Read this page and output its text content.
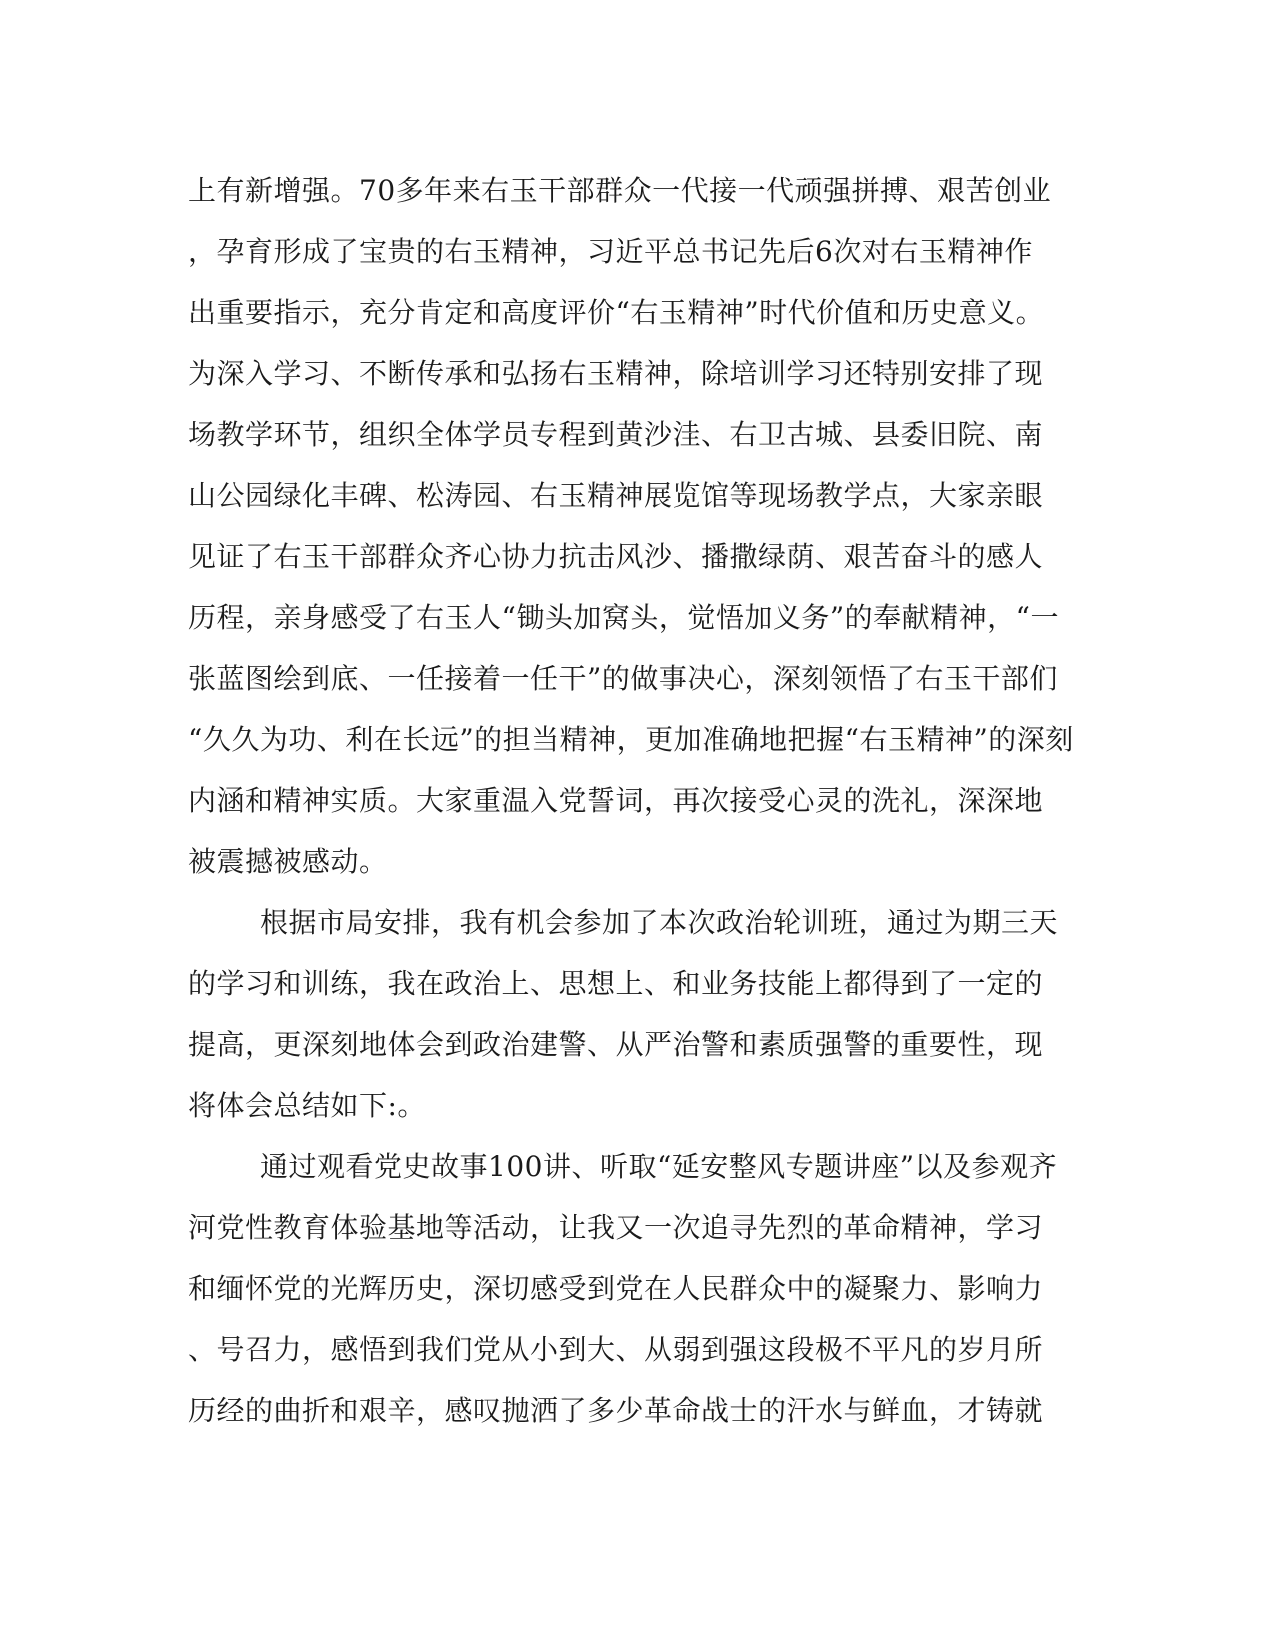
上有新增强。70多年来右玉干部群众一代接一代顽强拼搏、艰苦创业
，孕育形成了宝贵的右玉精神，习近平总书记先后6次对右玉精神作
出重要指示，充分肯定和高度评价“右玉精神”时代价值和历史意义。
为深入学习、不断传承和弘扬右玉精神，除培训学习还特别安排了现
场教学环节，组织全体学员专程到黄沙洼、右卫古城、县委旧院、南
山公园绿化丰碑、松涛园、右玉精神展览馆等现场教学点，大家亲眼
见证了右玉干部群众齐心协力抗击风沙、播撒绿荫、艰苦奋斗的感人
历程，亲身感受了右玉人“锄头加窝头，觉悟加义务”的奉献精神，“一
张蓝图绘到底、一任接着一任干”的做事决心，深刻领悟了右玉干部们
“久久为功、利在长远”的担当精神，更加准确地把握“右玉精神”的深刻
内涵和精神实质。大家重温入党誓词，再次接受心灵的洗礼，深深地
被震撼被感动。
根据市局安排，我有机会参加了本次政治轮训班，通过为期三天
的学习和训练，我在政治上、思想上、和业务技能上都得到了一定的
提高，更深刻地体会到政治建警、从严治警和素质强警的重要性，现
将体会总结如下:。
通过观看党史故事100讲、听取“延安整风专题讲座”以及参观齐
河党性教育体验基地等活动，让我又一次追寻先烈的革命精神，学习
和缅怀党的光辉历史，深切感受到党在人民群众中的凝聚力、影响力
、号召力，感悟到我们党从小到大、从弱到强这段极不平凡的岁月所
历经的曲折和艰辛，感叹抛洒了多少革命战士的汗水与鲜血，才铸就
